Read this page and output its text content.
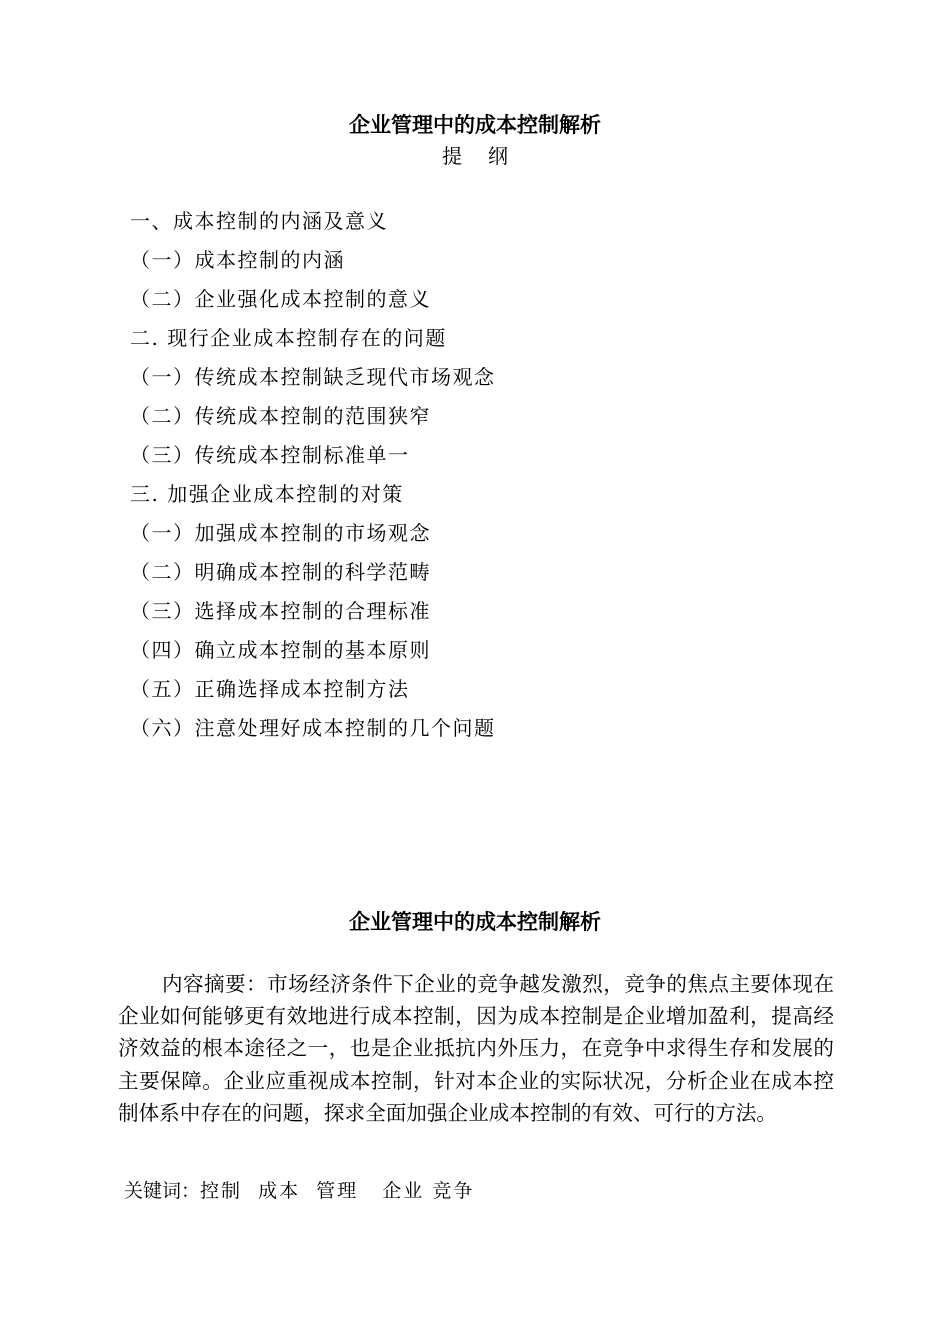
企业管理中的成本控制解析
提纲
一、成本控制的内涵及意义
（一）成本控制的内涵
（二）企业强化成本控制的意义
二. 现行企业成本控制存在的问题
（一）传统成本控制缺乏现代市场观念
（二）传统成本控制的范围狭窄
（三）传统成本控制标准单一
三. 加强企业成本控制的对策
（一）加强成本控制的市场观念
（二）明确成本控制的科学范畴
（三）选择成本控制的合理标准
（四）确立成本控制的基本原则
（五）正确选择成本控制方法
（六）注意处理好成本控制的几个问题
企业管理中的成本控制解析

内容摘要：市场经济条件下企业的竞争越发激烈，竞争的焦点主要体现在企业如何能够更有效地进行成本控制，因为成本控制是企业增加盈利，提高经济效益的根本途径之一，也是企业抵抗内外压力，在竞争中求得生存和发展的主要保障。企业应重视成本控制，针对本企业的实际状况，分析企业在成本控制体系中存在的问题，探求全面加强企业成本控制的有效、可行的方法。

关键词：控制  成本  管理   企业 竞争
